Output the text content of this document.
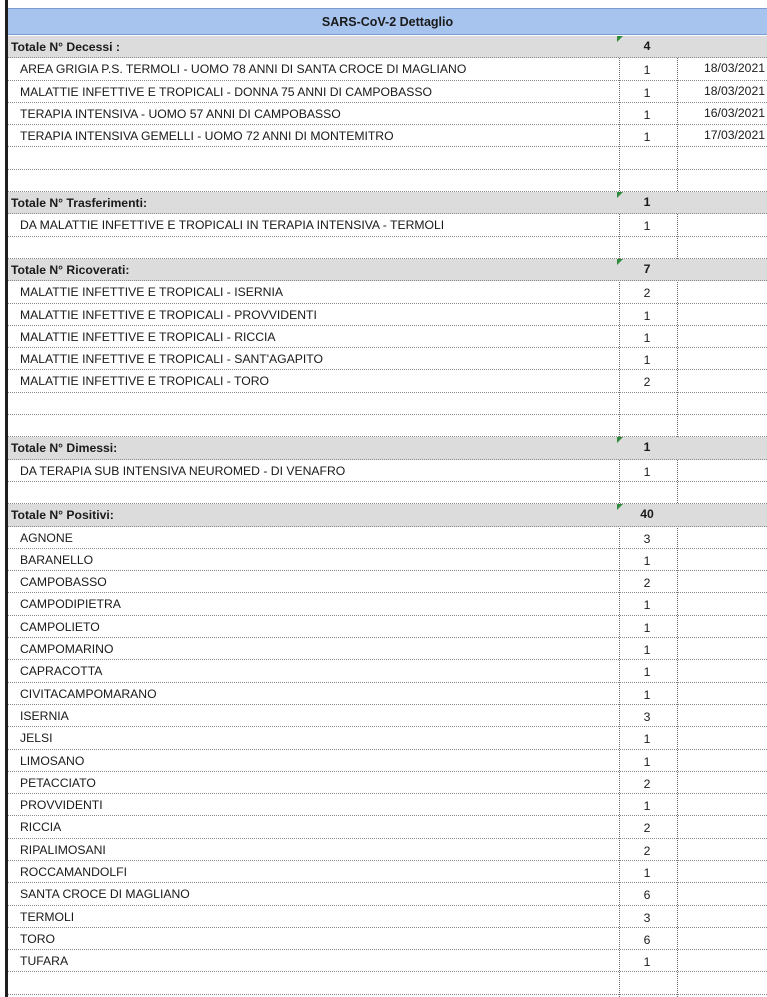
SARS-CoV-2 Dettaglio
Totale N° Decessi :	4
AREA GRIGIA P.S. TERMOLI - UOMO 78 ANNI DI SANTA CROCE DI MAGLIANO	1	18/03/2021
MALATTIE INFETTIVE E TROPICALI - DONNA 75 ANNI DI CAMPOBASSO	1	18/03/2021
TERAPIA INTENSIVA - UOMO 57 ANNI DI CAMPOBASSO	1	16/03/2021
TERAPIA INTENSIVA GEMELLI - UOMO 72 ANNI DI MONTEMITRO	1	17/03/2021
Totale N° Trasferimenti:	1
DA MALATTIE INFETTIVE E TROPICALI IN TERAPIA INTENSIVA - TERMOLI	1
Totale N° Ricoverati:	7
MALATTIE INFETTIVE E TROPICALI - ISERNIA	2
MALATTIE INFETTIVE E TROPICALI - PROVVIDENTI	1
MALATTIE INFETTIVE E TROPICALI - RICCIA	1
MALATTIE INFETTIVE E TROPICALI - SANT'AGAPITO	1
MALATTIE INFETTIVE E TROPICALI - TORO	2
Totale N° Dimessi:	1
DA TERAPIA SUB INTENSIVA NEUROMED - DI VENAFRO	1
Totale N° Positivi:	40
AGNONE	3
BARANELLO	1
CAMPOBASSO	2
CAMPODIPIETRA	1
CAMPOLIETO	1
CAMPOMARINO	1
CAPRACOTTA	1
CIVITACAMPOMARANO	1
ISERNIA	3
JELSI	1
LIMOSANO	1
PETACCIATO	2
PROVVIDENTI	1
RICCIA	2
RIPALIMOSANI	2
ROCCAMANDOLFI	1
SANTA CROCE DI MAGLIANO	6
TERMOLI	3
TORO	6
TUFARA	1
